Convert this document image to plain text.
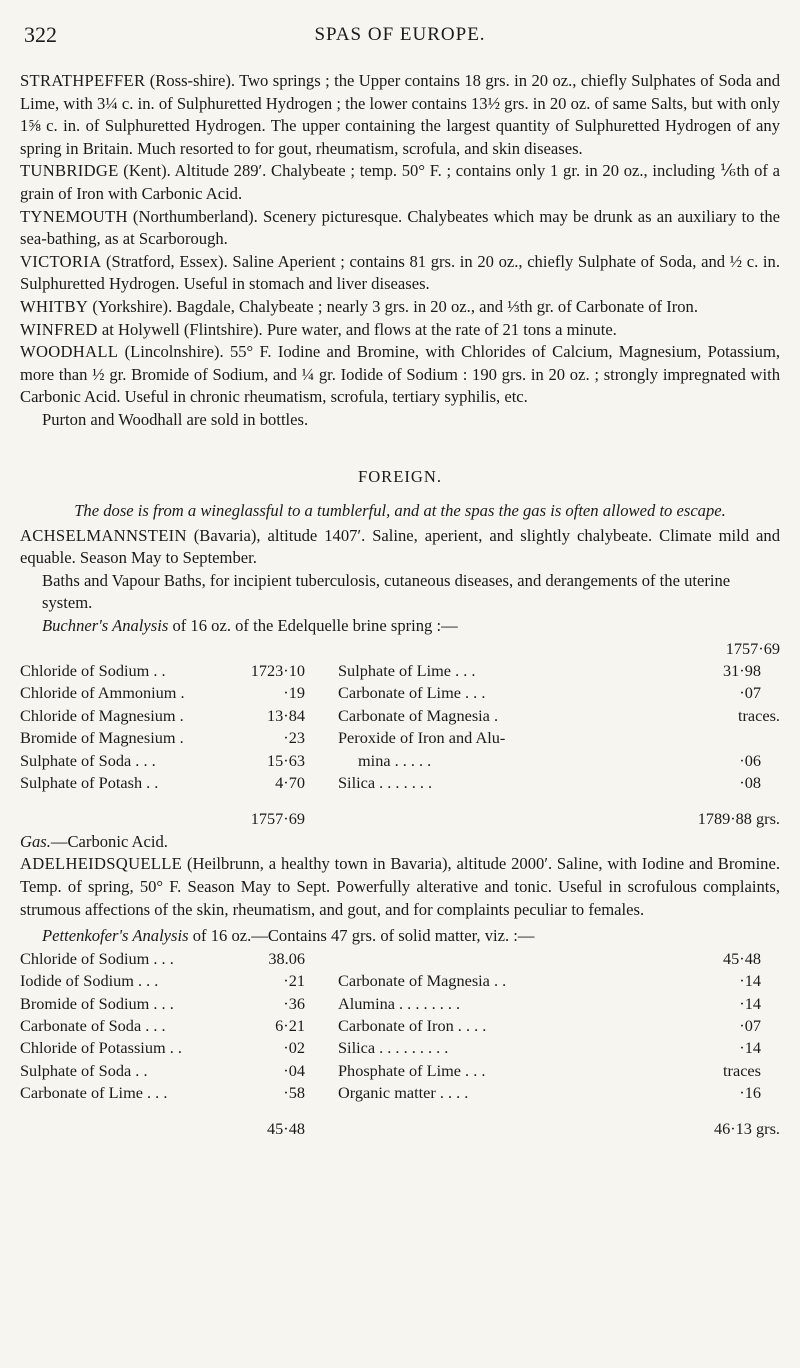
322	SPAS OF EUROPE.

STRATHPEFFER (Ross-shire). Two springs ; the Upper contains 18 grs. in 20 oz., chiefly Sulphates of Soda and Lime, with 3¼ c. in. of Sulphuretted Hydrogen ; the lower contains 13½ grs. in 20 oz. of same Salts, but with only 1⅝ c. in. of Sulphuretted Hydrogen. The upper containing the largest quantity of Sulphuretted Hydrogen of any spring in Britain. Much resorted to for gout, rheumatism, scrofula, and skin diseases.

TUNBRIDGE (Kent). Altitude 289′. Chalybeate ; temp. 50° F. ; contains only 1 gr. in 20 oz., including ⅙th of a grain of Iron with Carbonic Acid.

TYNEMOUTH (Northumberland). Scenery picturesque. Chalybeates which may be drunk as an auxiliary to the sea-bathing, as at Scarborough.

VICTORIA (Stratford, Essex). Saline Aperient ; contains 81 grs. in 20 oz., chiefly Sulphate of Soda, and ½ c. in. Sulphuretted Hydrogen. Useful in stomach and liver diseases.

WHITBY (Yorkshire). Bagdale, Chalybeate ; nearly 3 grs. in 20 oz., and ⅓th gr. of Carbonate of Iron.

WINFRED at Holywell (Flintshire). Pure water, and flows at the rate of 21 tons a minute.

WOODHALL (Lincolnshire). 55° F. Iodine and Bromine, with Chlorides of Calcium, Magnesium, Potassium, more than ½ gr. Bromide of Sodium, and ¼ gr. Iodide of Sodium : 190 grs. in 20 oz. ; strongly impregnated with Carbonic Acid. Useful in chronic rheumatism, scrofula, tertiary syphilis, etc.

Purton and Woodhall are sold in bottles.

FOREIGN.

The dose is from a wineglassful to a tumblerful, and at the spas the gas is often allowed to escape.

ACHSELMANNSTEIN (Bavaria), altitude 1407′. Saline, aperient, and slightly chalybeate. Climate mild and equable. Season May to September.

Baths and Vapour Baths, for incipient tuberculosis, cutaneous diseases, and derangements of the uterine system.

Buchner's Analysis of 16 oz. of the Edelquelle brine spring :—

1757·69
Chloride of Sodium . .	1723·10 Sulphate of Lime . . .	31·98
Chloride of Ammonium .	·19 Carbonate of Lime . . .	·07
Chloride of Magnesium .	13·84 Carbonate of Magnesia .	traces.
Bromide of Magnesium .	·23 Peroxide of Iron and Alu-
Sulphate of Soda . . .	15·63	mina . . . . .	·06
Sulphate of Potash . .	4·70 Silica . . . . . . .	·08
1757·69	1789·88 grs.

Gas.—Carbonic Acid.

ADELHEIDSQUELLE (Heilbrunn, a healthy town in Bavaria), altitude 2000′. Saline, with Iodine and Bromine. Temp. of spring, 50° F. Season May to Sept. Powerfully alterative and tonic. Useful in scrofulous complaints, strumous affections of the skin, rheumatism, and gout, and for complaints peculiar to females.

Pettenkofer's Analysis of 16 oz.—Contains 47 grs. of solid matter, viz. :—

Chloride of Sodium . . .	38.06	45·48
Iodide of Sodium . . .	·21 Carbonate of Magnesia . .	·14
Bromide of Sodium . . .	·36 Alumina . . . . . . . .	·14
Carbonate of Soda . . .	6·21 Carbonate of Iron . . . .	·07
Chloride of Potassium . .	·02 Silica . . . . . . . . .	·14
Sulphate of Soda . .	·04 Phosphate of Lime . . .	traces
Carbonate of Lime . . .	·58 Organic matter . . . .	·16
45·48	46·13 grs.
